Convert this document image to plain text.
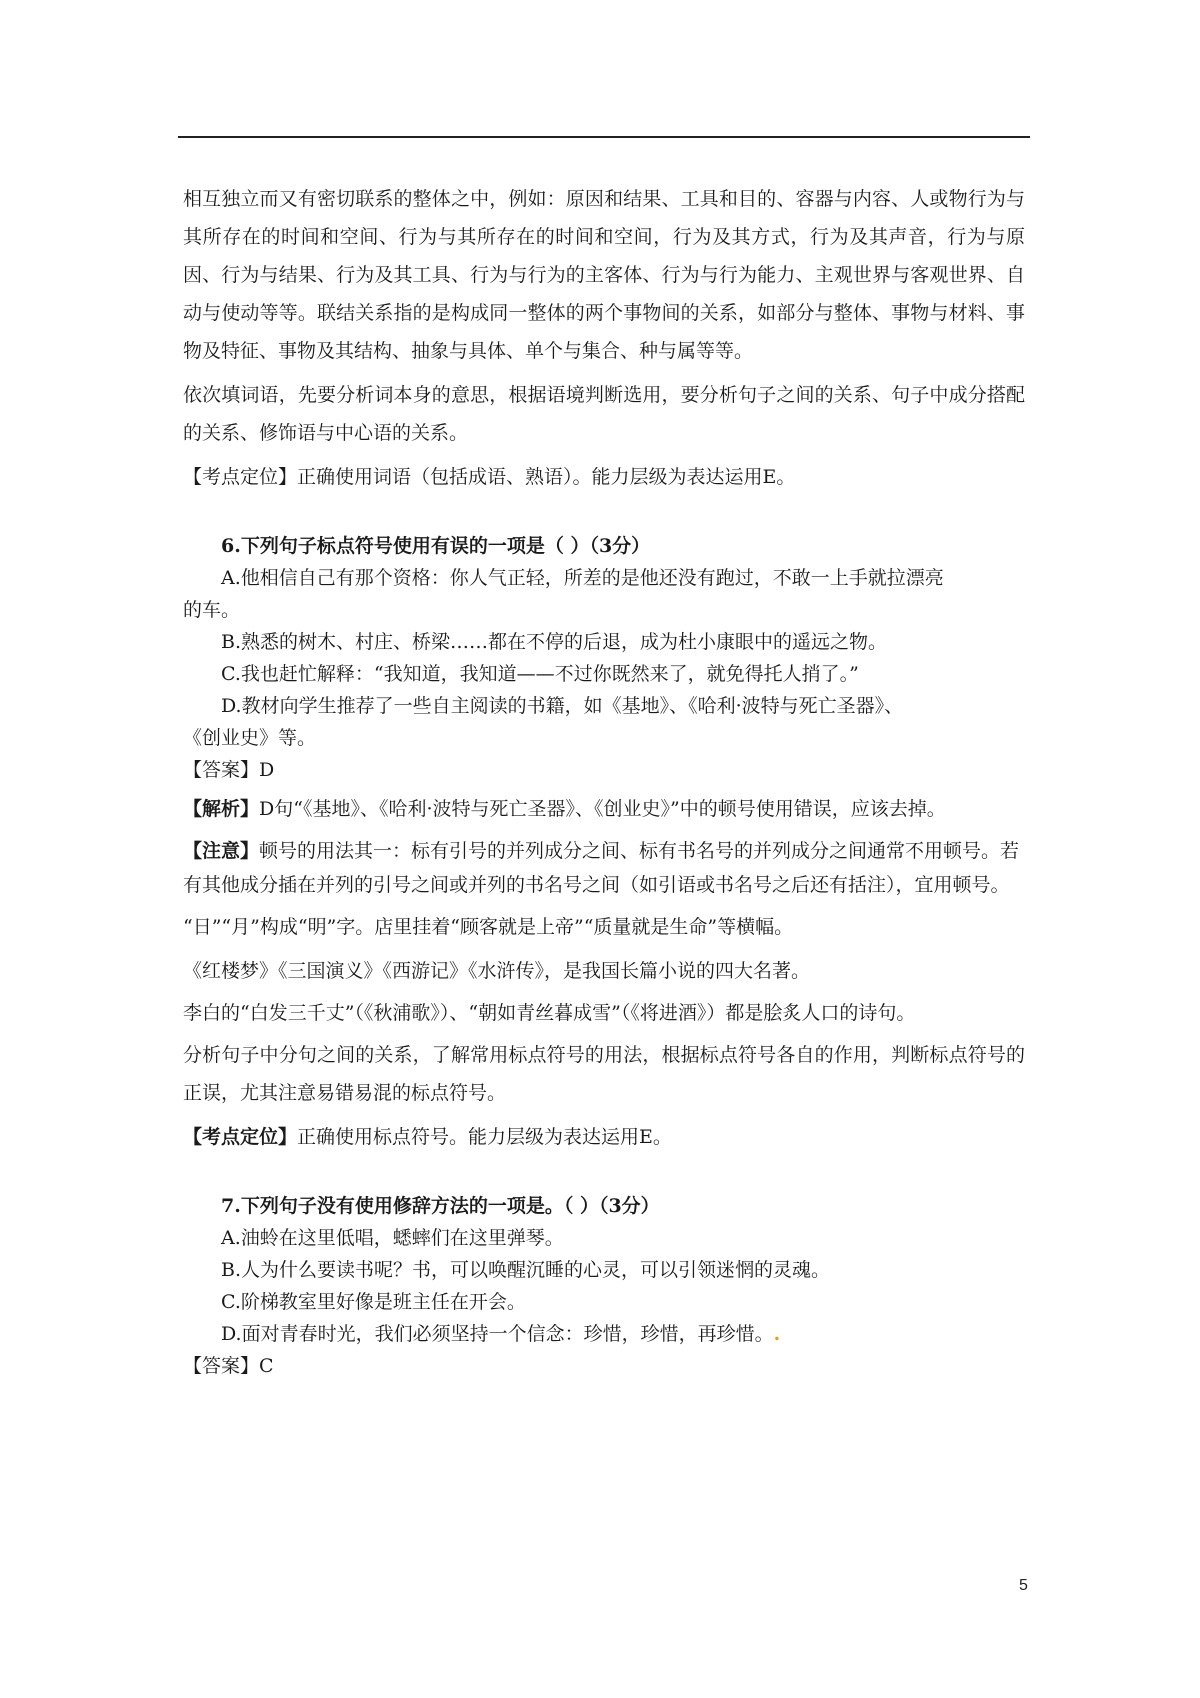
相互独立而又有密切联系的整体之中，例如：原因和结果、工具和目的、容器与内容、人或物行为与其所存在的时间和空间、行为与其所存在的时间和空间，行为及其方式，行为及其声音，行为与原因、行为与结果、行为及其工具、行为与行为的主客体、行为与行为能力、主观世界与客观世界、自动与使动等等。联结关系指的是构成同一整体的两个事物间的关系，如部分与整体、事物与材料、事物及特征、事物及其结构、抽象与具体、单个与集合、种与属等等。

依次填词语，先要分析词本身的意思，根据语境判断选用，要分析句子之间的关系、句子中成分搭配的关系、修饰语与中心语的关系。

【考点定位】正确使用词语（包括成语、熟语）。能力层级为表达运用E。

6.下列句子标点符号使用有误的一项是（ ）（3分）

A.他相信自己有那个资格：你人气正轻，所差的是他还没有跑过，不敢一上手就拉漂亮

的车。

B.熟悉的树木、村庄、桥梁……都在不停的后退，成为杜小康眼中的遥远之物。

C.我也赶忙解释：“我知道，我知道——不过你既然来了，就免得托人捎了。”

D.教材向学生推荐了一些自主阅读的书籍，如《基地》、《哈利·波特与死亡圣器》、

《创业史》等。

【答案】D

【解析】D句“《基地》、《哈利·波特与死亡圣器》、《创业史》”中的顿号使用错误，应该去掉。

【注意】顿号的用法其一：标有引号的并列成分之间、标有书名号的并列成分之间通常不用顿号。若有其他成分插在并列的引号之间或并列的书名号之间（如引语或书名号之后还有括注），宜用顿号。

“日”“月”构成“明”字。店里挂着“顾客就是上帝”“质量就是生命”等横幅。

《红楼梦》《三国演义》《西游记》《水浒传》，是我国长篇小说的四大名著。

李白的“白发三千丈”（《秋浦歌》）、“朝如青丝暮成雪”（《将进酒》）都是脍炙人口的诗句。

分析句子中分句之间的关系，了解常用标点符号的用法，根据标点符号各自的作用，判断标点符号的正误，尤其注意易错易混的标点符号。

【考点定位】正确使用标点符号。能力层级为表达运用E。

7.下列句子没有使用修辞方法的一项是。（ ）（3分）

A.油蛉在这里低唱，蟋蟀们在这里弹琴。

B.人为什么要读书呢？书，可以唤醒沉睡的心灵，可以引领迷惘的灵魂。

C.阶梯教室里好像是班主任在开会。

D.面对青春时光，我们必须坚持一个信念：珍惜，珍惜，再珍惜。.

【答案】C

5
